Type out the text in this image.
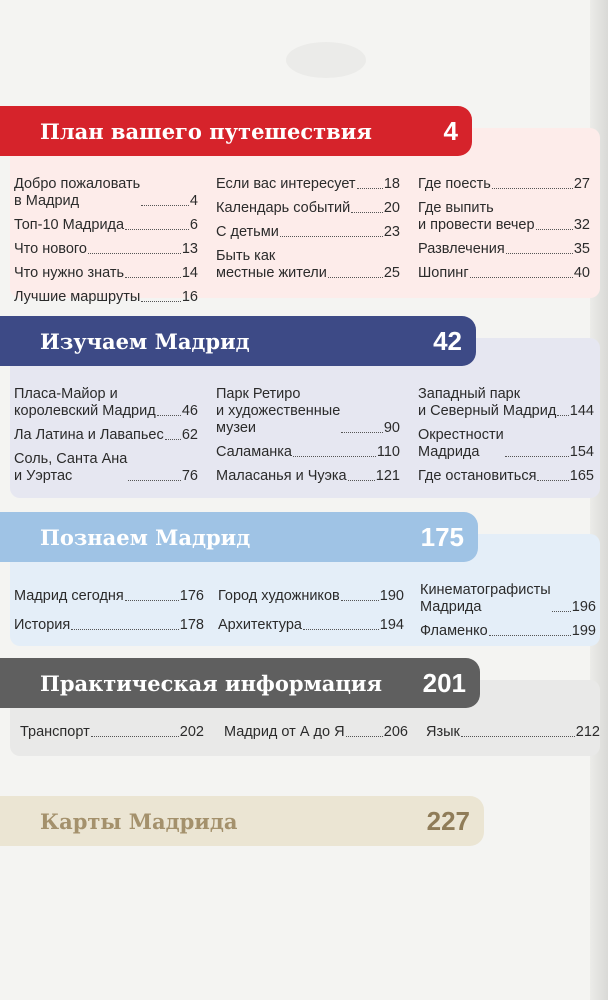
План вашего путешествия	4
Добро пожаловать
в Мадрид	4
Топ-10 Мадрида	6
Что нового	13
Что нужно знать	14
Лучшие маршруты	16
Если вас интересует 18
Календарь событий 20
С детьми	23
Быть как
местные жители	25
Где поесть	27
Где выпить
и провести вечер	32
Развлечения	35
Шопинг	40
Изучаем Мадрид	42
Пласа-Майор и
королевский Мадрид 46
Ла Латина и Лавапьес 62
Соль, Санта Ана
и Уэртас	76
Парк Ретиро
и художественные
музеи	90
Саламанка	110
Маласанья и Чуэка 121
Западный парк
и Северный Мадрид 144
Окрестности
Мадрида	154
Где остановиться 165
Познаем Мадрид	175
Мадрид сегодня	176
История	178
Город художников	190
Архитектура	194
Кинематографисты
Мадрида	196
Фламенко	199
Практическая информация 201
Транспорт	202 Мадрид от А до Я	206 Язык	212
Карты Мадрида	227
